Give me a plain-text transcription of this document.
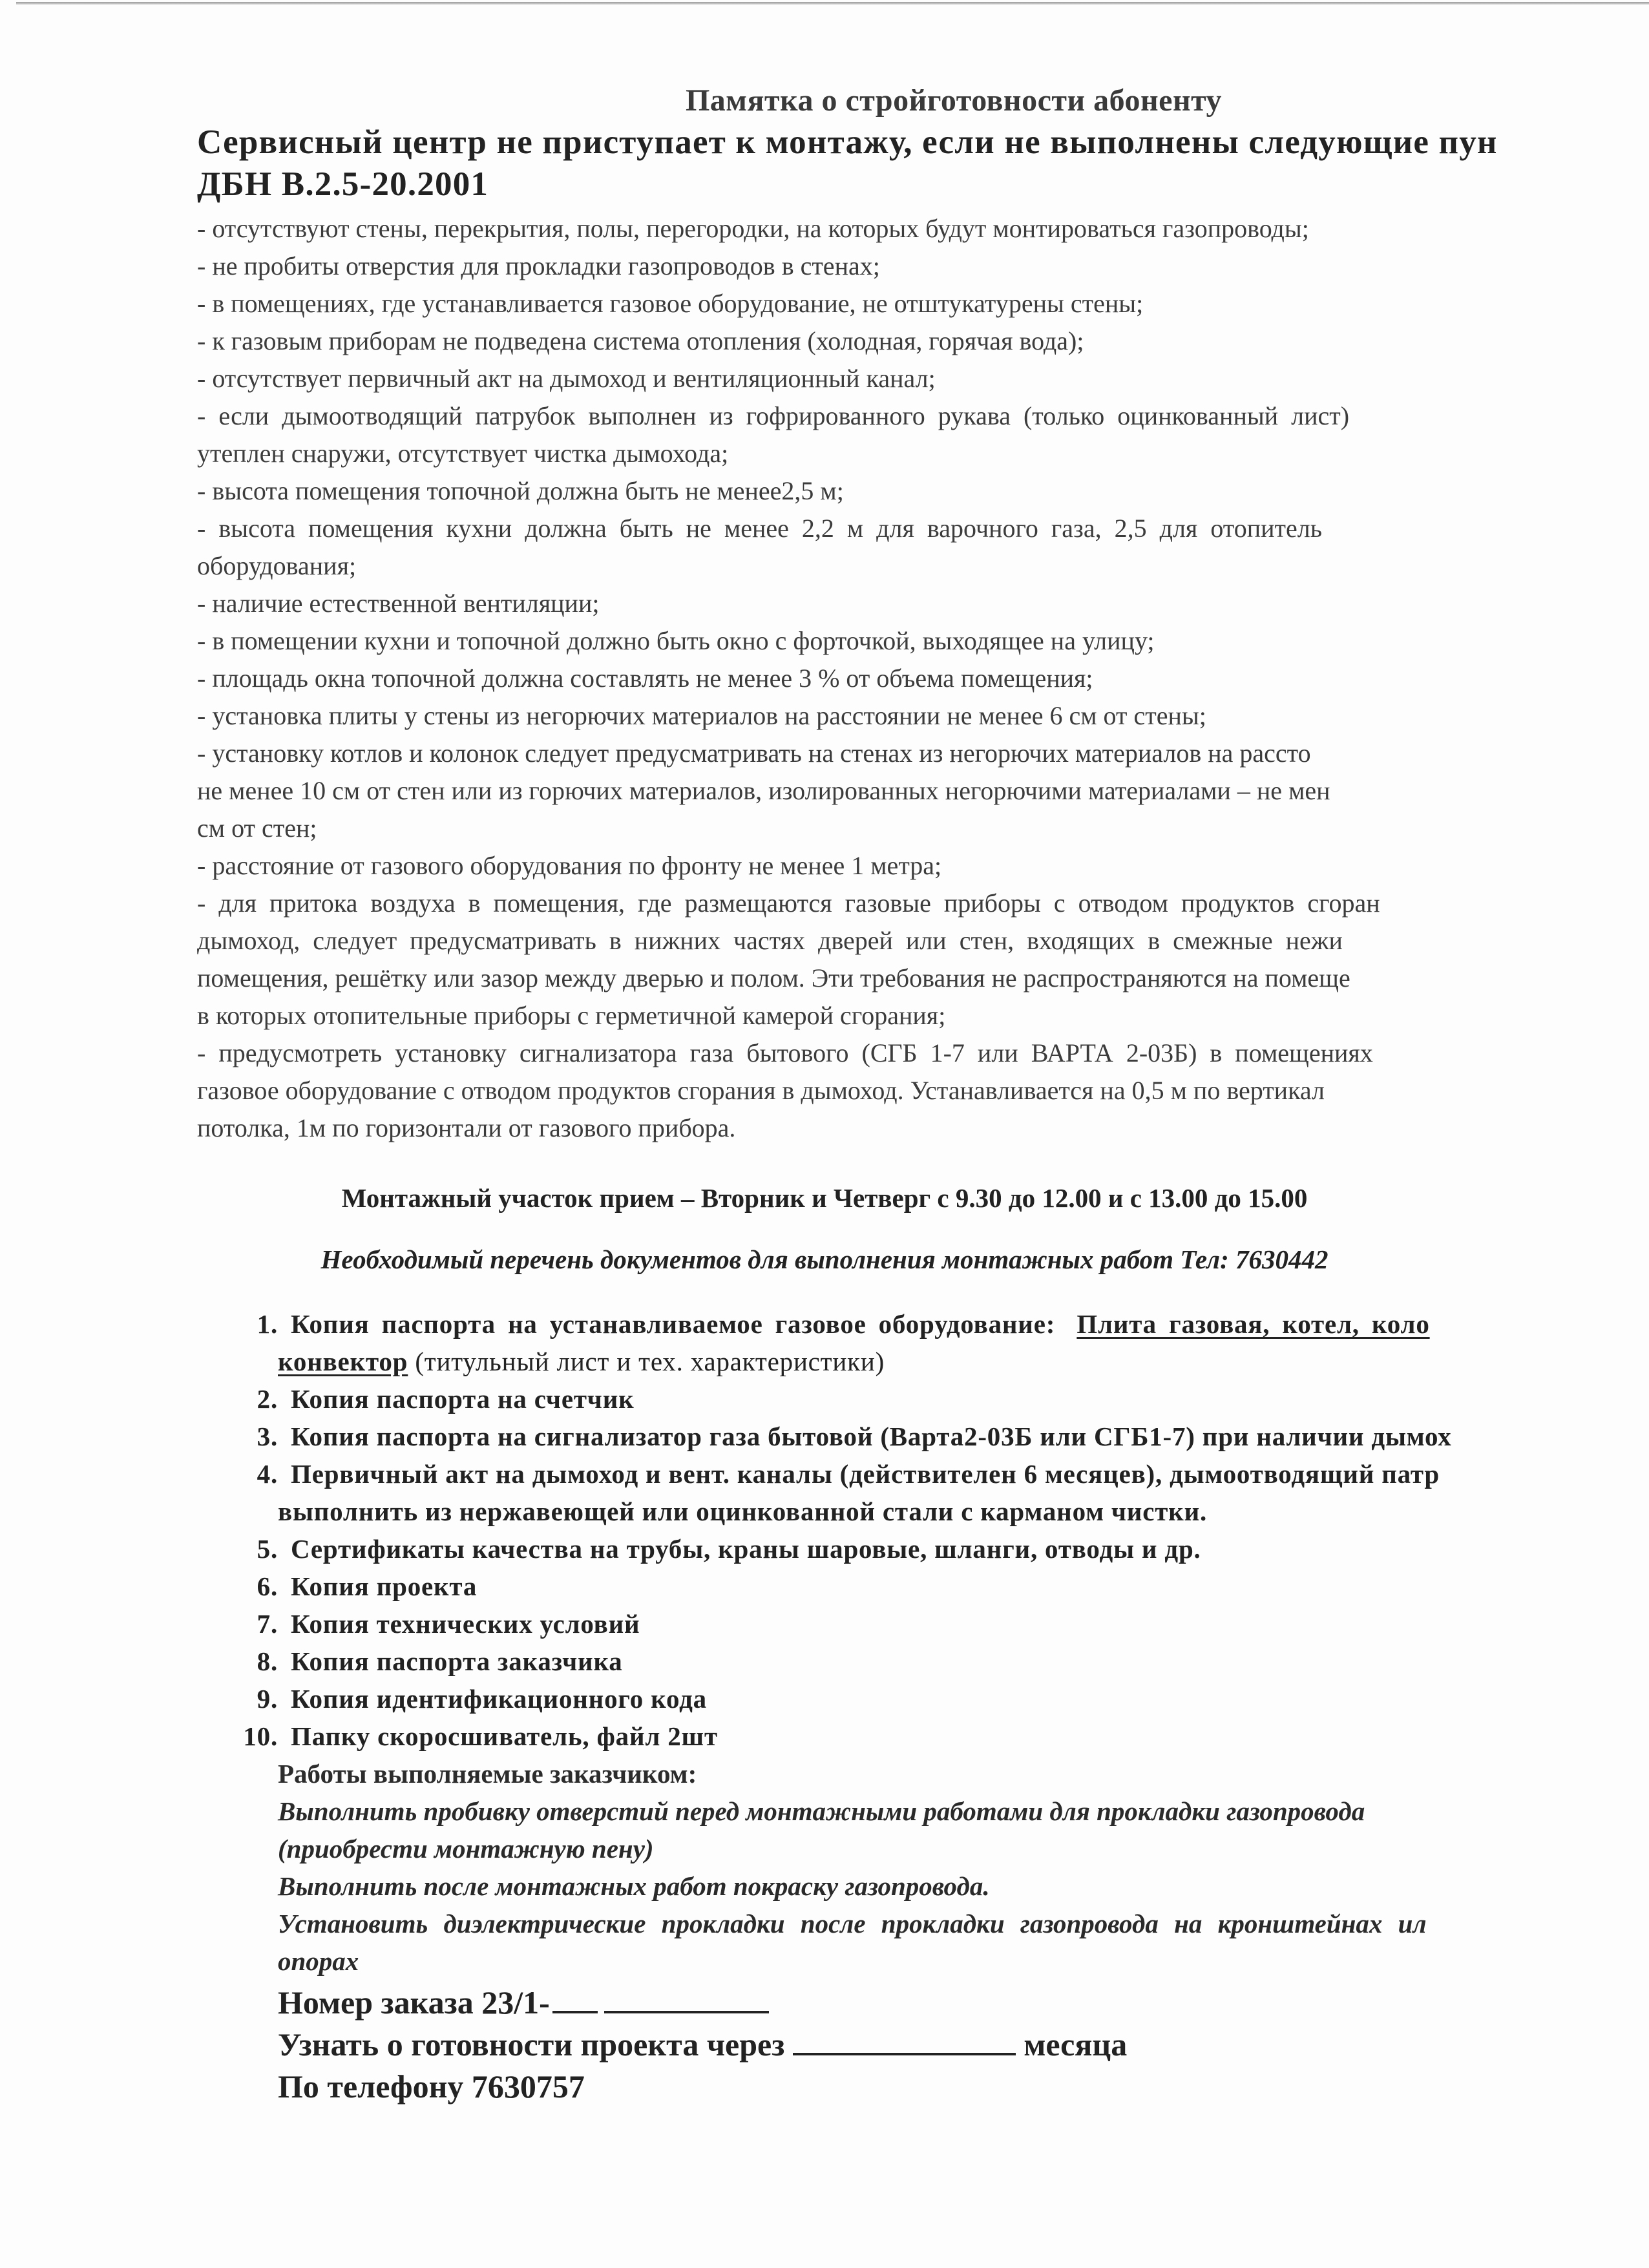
Памятка о стройготовности абоненту
Сервисный центр не приступает к монтажу, если не выполнены следующие пун
ДБН В.2.5-20.2001
- отсутствуют стены, перекрытия, полы, перегородки, на которых будут монтироваться газопроводы;
- не пробиты отверстия для прокладки газопроводов в стенах;
- в помещениях, где устанавливается газовое оборудование, не отштукатурены стены;
- к газовым приборам не подведена система отопления (холодная, горячая вода);
- отсутствует первичный акт на дымоход и вентиляционный канал;
- если дымоотводящий патрубок выполнен из гофрированного рукава (только оцинкованный лист)
утеплен снаружи, отсутствует чистка дымохода;
- высота помещения топочной должна быть не менее2,5 м;
- высота помещения кухни должна быть не менее 2,2 м для варочного газа, 2,5 для отопитель
оборудования;
- наличие естественной вентиляции;
- в помещении кухни и топочной должно быть окно с форточкой, выходящее на улицу;
- площадь окна топочной должна составлять не менее 3 % от объема помещения;
- установка плиты у стены из негорючих материалов на расстоянии не менее 6 см от стены;
- установку котлов и колонок следует предусматривать на стенах из негорючих материалов на рассто
не менее 10 см от стен или из горючих материалов, изолированных негорючими материалами – не мен
см от стен;
- расстояние от газового оборудования по фронту не менее 1 метра;
- для притока воздуха в помещения, где размещаются газовые приборы с отводом продуктов сгоран
дымоход, следует предусматривать в нижних частях дверей или стен, входящих в смежные нежи
помещения, решётку или зазор между дверью и полом. Эти требования не распространяются на помеще
в которых отопительные приборы с герметичной камерой сгорания;
- предусмотреть установку сигнализатора газа бытового (СГБ 1-7 или ВАРТА 2-03Б) в помещениях
газовое оборудование с отводом продуктов сгорания в дымоход. Устанавливается на 0,5 м по вертикал
потолка, 1м по горизонтали от газового прибора.
Монтажный участок прием – Вторник и Четверг с 9.30 до 12.00 и с 13.00 до 15.00
Необходимый перечень документов для выполнения монтажных работ Тел: 7630442
1. Копия паспорта на устанавливаемое газовое оборудование: Плита газовая, котел, коло
конвектор (титульный лист и тех. характеристики)
2. Копия паспорта на счетчик
3. Копия паспорта на сигнализатор газа бытовой (Варта2-03Б или СГБ1-7) при наличии дымох
4. Первичный акт на дымоход и вент. каналы (действителен 6 месяцев), дымоотводящий патр
выполнить из нержавеющей или оцинкованной стали с карманом чистки.
5. Сертификаты качества на трубы, краны шаровые, шланги, отводы и др.
6. Копия проекта
7. Копия технических условий
8. Копия паспорта заказчика
9. Копия идентификационного кода
10. Папку скоросшиватель, файл 2шт
Работы выполняемые заказчиком:
Выполнить пробивку отверстий перед монтажными работами для прокладки газопровода
(приобрести монтажную пену)
Выполнить после монтажных работ покраску газопровода.
Установить диэлектрические прокладки после прокладки газопровода на кронштейнах ил
опорах
Номер заказа 23/1-
Узнать о готовности проекта через	месяца
По телефону 7630757
